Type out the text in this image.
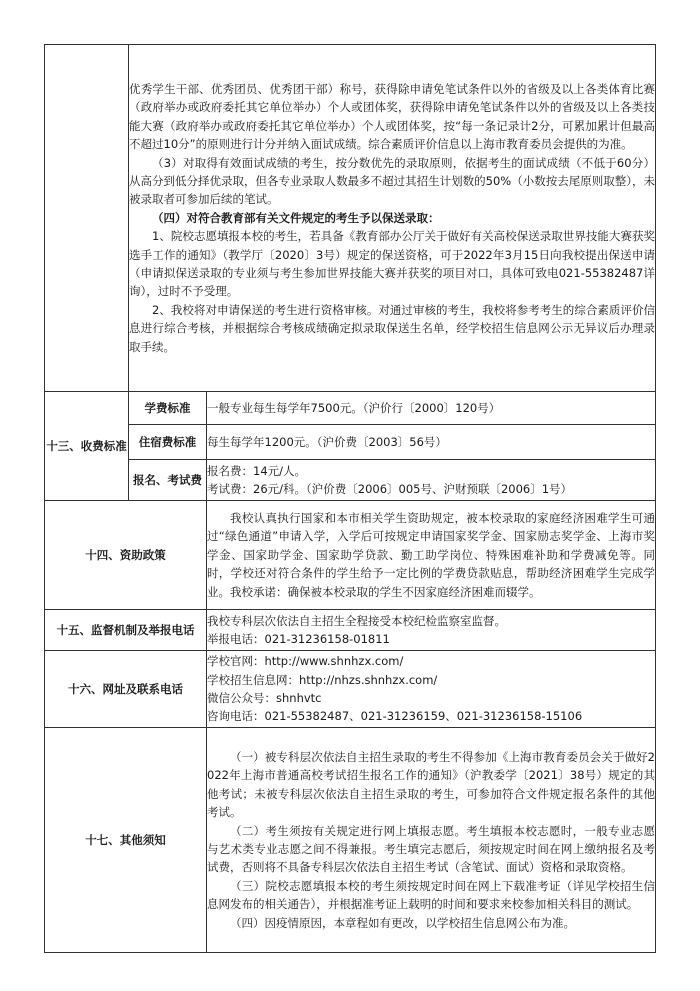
	优秀学生干部、优秀团员、优秀团干部）称号，获得除申请免笔试条件以外的省级及以上各类体育比赛（政府举办或政府委托其它单位举办）个人或团体奖，获得除申请免笔试条件以外的省级及以上各类技能大赛（政府举办或政府委托其它单位举办）个人或团体奖，按“每一条记录计2分，可累加累计但最高不超过10分”的原则进行计分并纳入面试成绩。综合素质评价信息以上海市教育委员会提供的为准。

（3）对取得有效面试成绩的考生，按分数优先的录取原则，依据考生的面试成绩（不低于60分）从高分到低分择优录取，但各专业录取人数最多不超过其招生计划数的50%（小数按去尾原则取整），未被录取者可参加后续的笔试。

（四）对符合教育部有关文件规定的考生予以保送录取：

1、院校志愿填报本校的考生，若具备《教育部办公厅关于做好有关高校保送录取世界技能大赛获奖选手工作的通知》（教学厅〔2020〕3号）规定的保送资格，可于2022年3月15日向我校提出保送申请（申请拟保送录取的专业须与考生参加世界技能大赛并获奖的项目对口，具体可致电021-55382487详询），过时不予受理。

2、我校将对申请保送的考生进行资格审核。对通过审核的考生，我校将参考考生的综合素质评价信息进行综合考核，并根据综合考核成绩确定拟录取保送生名单，经学校招生信息网公示无异议后办理录取手续。	

十三、收费标准	学费标准	一般专业每生每学年7500元。（沪价行〔2000〕120号）
	住宿费标准	每生每学年1200元。（沪价费〔2003〕56号）
	报名、考试费	报名费：14元/人。

考试费：26元/科。（沪价费〔2006〕005号、沪财预联〔2006〕1号）

十四、资助政策		我校认真执行国家和本市相关学生资助规定，被本校录取的家庭经济困难学生可通过“绿色通道”申请入学，入学后可按规定申请国家奖学金、国家励志奖学金、上海市奖学金、国家助学金、国家助学贷款、勤工助学岗位、特殊困难补助和学费减免等。同时，学校还对符合条件的学生给予一定比例的学费贷款贴息，帮助经济困难学生完成学业。我校承诺：确保被本校录取的学生不因家庭经济困难而辍学。

十五、监督机制及举报电话		我校专科层次依法自主招生全程接受本校纪检监察室监督。

举报电话：021-31236158-01811

十六、网址及联系电话		学校官网：http://www.shnhzx.com/

学校招生信息网：http://nhzs.shnhzx.com/

微信公众号：shnhvtc

咨询电话：021-55382487、021-31236159、021-31236158-15106

十七、其他须知		（一）被专科层次依法自主招生录取的考生不得参加《上海市教育委员会关于做好2022年上海市普通高校考试招生报名工作的通知》（沪教委学〔2021〕38号）规定的其他考试；未被专科层次依法自主招生录取的考生，可参加符合文件规定报名条件的其他考试。

（二）考生须按有关规定进行网上填报志愿。考生填报本校志愿时，一般专业志愿与艺术类专业志愿之间不得兼报。考生填完志愿后，须按规定时间在网上缴纳报名及考试费，否则将不具备专科层次依法自主招生考试（含笔试、面试）资格和录取资格。

（三）院校志愿填报本校的考生须按规定时间在网上下载准考证（详见学校招生信息网发布的相关通告），并根据准考证上载明的时间和要求来校参加相关科目的测试。

（四）因疫情原因，本章程如有更改，以学校招生信息网公布为准。
